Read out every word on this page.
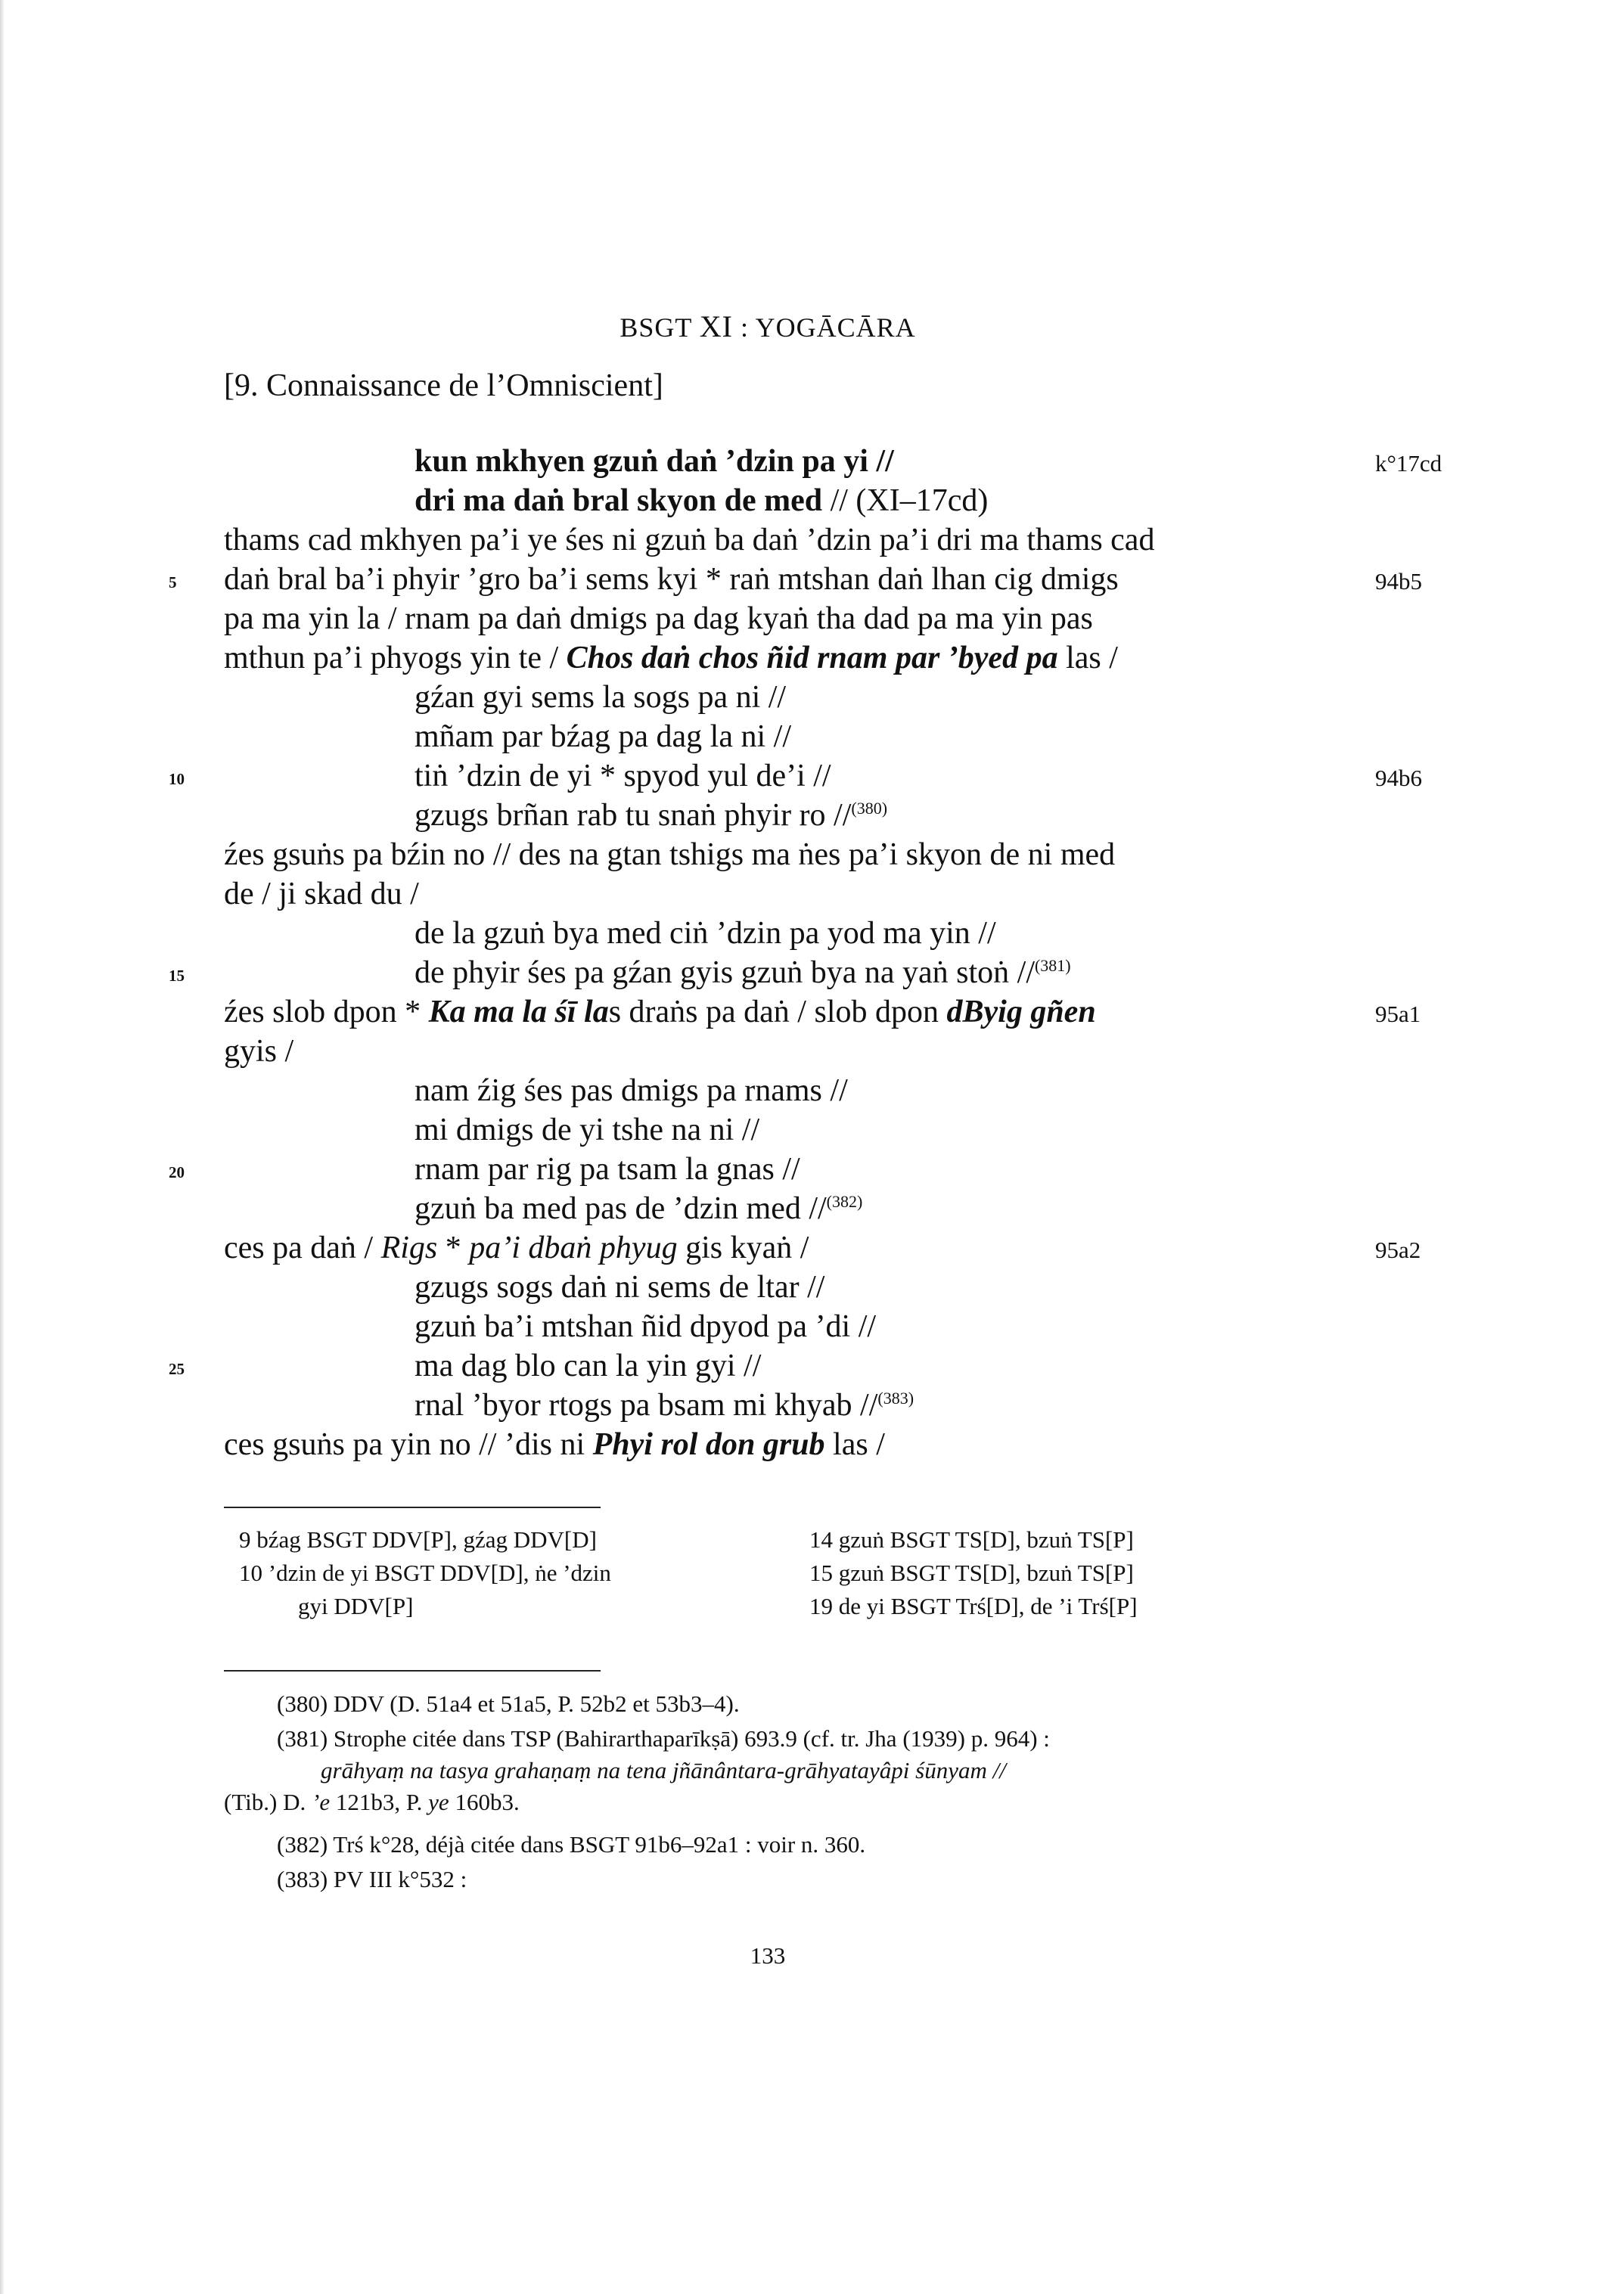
BSGT XI : YOGĀCĀRA
[9. Connaissance de l’Omniscient]
kun mkhyen gzuṅ daṅ ’dzin pa yi //
dri ma daṅ bral skyon de med // (XI–17cd)
thams cad mkhyen pa’i ye śes ni gzuṅ ba daṅ ’dzin pa’i dri ma thams cad
daṅ bral ba’i phyir ’gro ba’i sems kyi * raṅ mtshan daṅ lhan cig dmigs
pa ma yin la / rnam pa daṅ dmigs pa dag kyaṅ tha dad pa ma yin pas
mthun pa’i phyogs yin te / Chos daṅ chos ñid rnam par ’byed pa las /
gźan gyi sems la sogs pa ni //
mñam par bźag pa dag la ni //
tiṅ ’dzin de yi * spyod yul de’i //
gzugs brñan rab tu snaṅ phyir ro //$^{(380)}$
źes gsuṅs pa bźin no // des na gtan tshigs ma ṅes pa’i skyon de ni med
de / ji skad du /
de la gzuṅ bya med ciṅ ’dzin pa yod ma yin //
de phyir śes pa gźan gyis gzuṅ bya na yaṅ stoṅ //$^{(381)}$
źes slob dpon * Ka ma la śī las draṅs pa daṅ / slob dpon dByig gñen
gyis /
nam źig śes pas dmigs pa rnams //
mi dmigs de yi tshe na ni //
rnam par rig pa tsam la gnas //
gzuṅ ba med pas de ’dzin med //$^{(382)}$
ces pa daṅ / Rigs * pa’i dbaṅ phyug gis kyaṅ /
gzugs sogs daṅ ni sems de ltar //
gzuṅ ba’i mtshan ñid dpyod pa ’di //
ma dag blo can la yin gyi //
rnal ’byor rtogs pa bsam mi khyab //$^{(383)}$
ces gsuṅs pa yin no // ’dis ni Phyi rol don grub las /
5
10
15
20
25
k°17cd
94b5
94b6
95a1
95a2
9 bźag BSGT DDV[P], gźag DDV[D]
10 ’dzin de yi BSGT DDV[D], ṅe ’dzin
gyi DDV[P]
14 gzuṅ BSGT TS[D], bzuṅ TS[P]
15 gzuṅ BSGT TS[D], bzuṅ TS[P]
19 de yi BSGT Trś[D], de ’i Trś[P]
(380) DDV (D. 51a4 et 51a5, P. 52b2 et 53b3–4).
(381) Strophe citée dans TSP (Bahirarthaparīkṣā) 693.9 (cf. tr. Jha (1939) p. 964) :
grāhyaṃ na tasya grahaṇaṃ na tena jñānântara-grāhyatayâpi śūnyam //
(Tib.) D. ’e 121b3, P. ye 160b3.
(382) Trś k°28, déjà citée dans BSGT 91b6–92a1 : voir n. 360.
(383) PV III k°532 :
133
